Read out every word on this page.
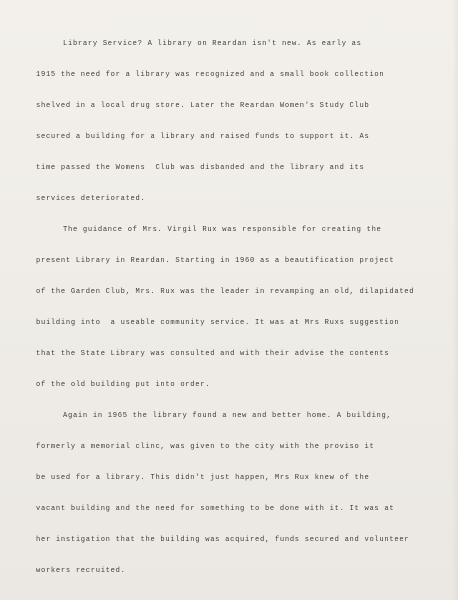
Library Service? A library on Reardan isn't new. As early as
1915 the need for a library was recognized and a small book collection
shelved in a local drug store. Later the Reardan Women's Study Club
secured a building for a library and raised funds to support it. As
time passed the Womens  Club was disbanded and the library and its
services deteriorated.
The guidance of Mrs. Virgil Rux was responsible for creating the
present Library in Reardan. Starting in 1960 as a beautification project
of the Garden Club, Mrs. Rux was the leader in revamping an old, dilapidated
building into  a useable community service. It was at Mrs Ruxs suggestion
that the State Library was consulted and with their advise the contents
of the old building put into order.
Again in 1965 the library found a new and better home. A building,
formerly a memorial clinc, was given to the city with the proviso it
be used for a library. This didn't just happen, Mrs Rux knew of the
vacant building and the need for something to be done with it. It was at
her instigation that the building was acquired, funds secured and volunteer
workers recruited.
